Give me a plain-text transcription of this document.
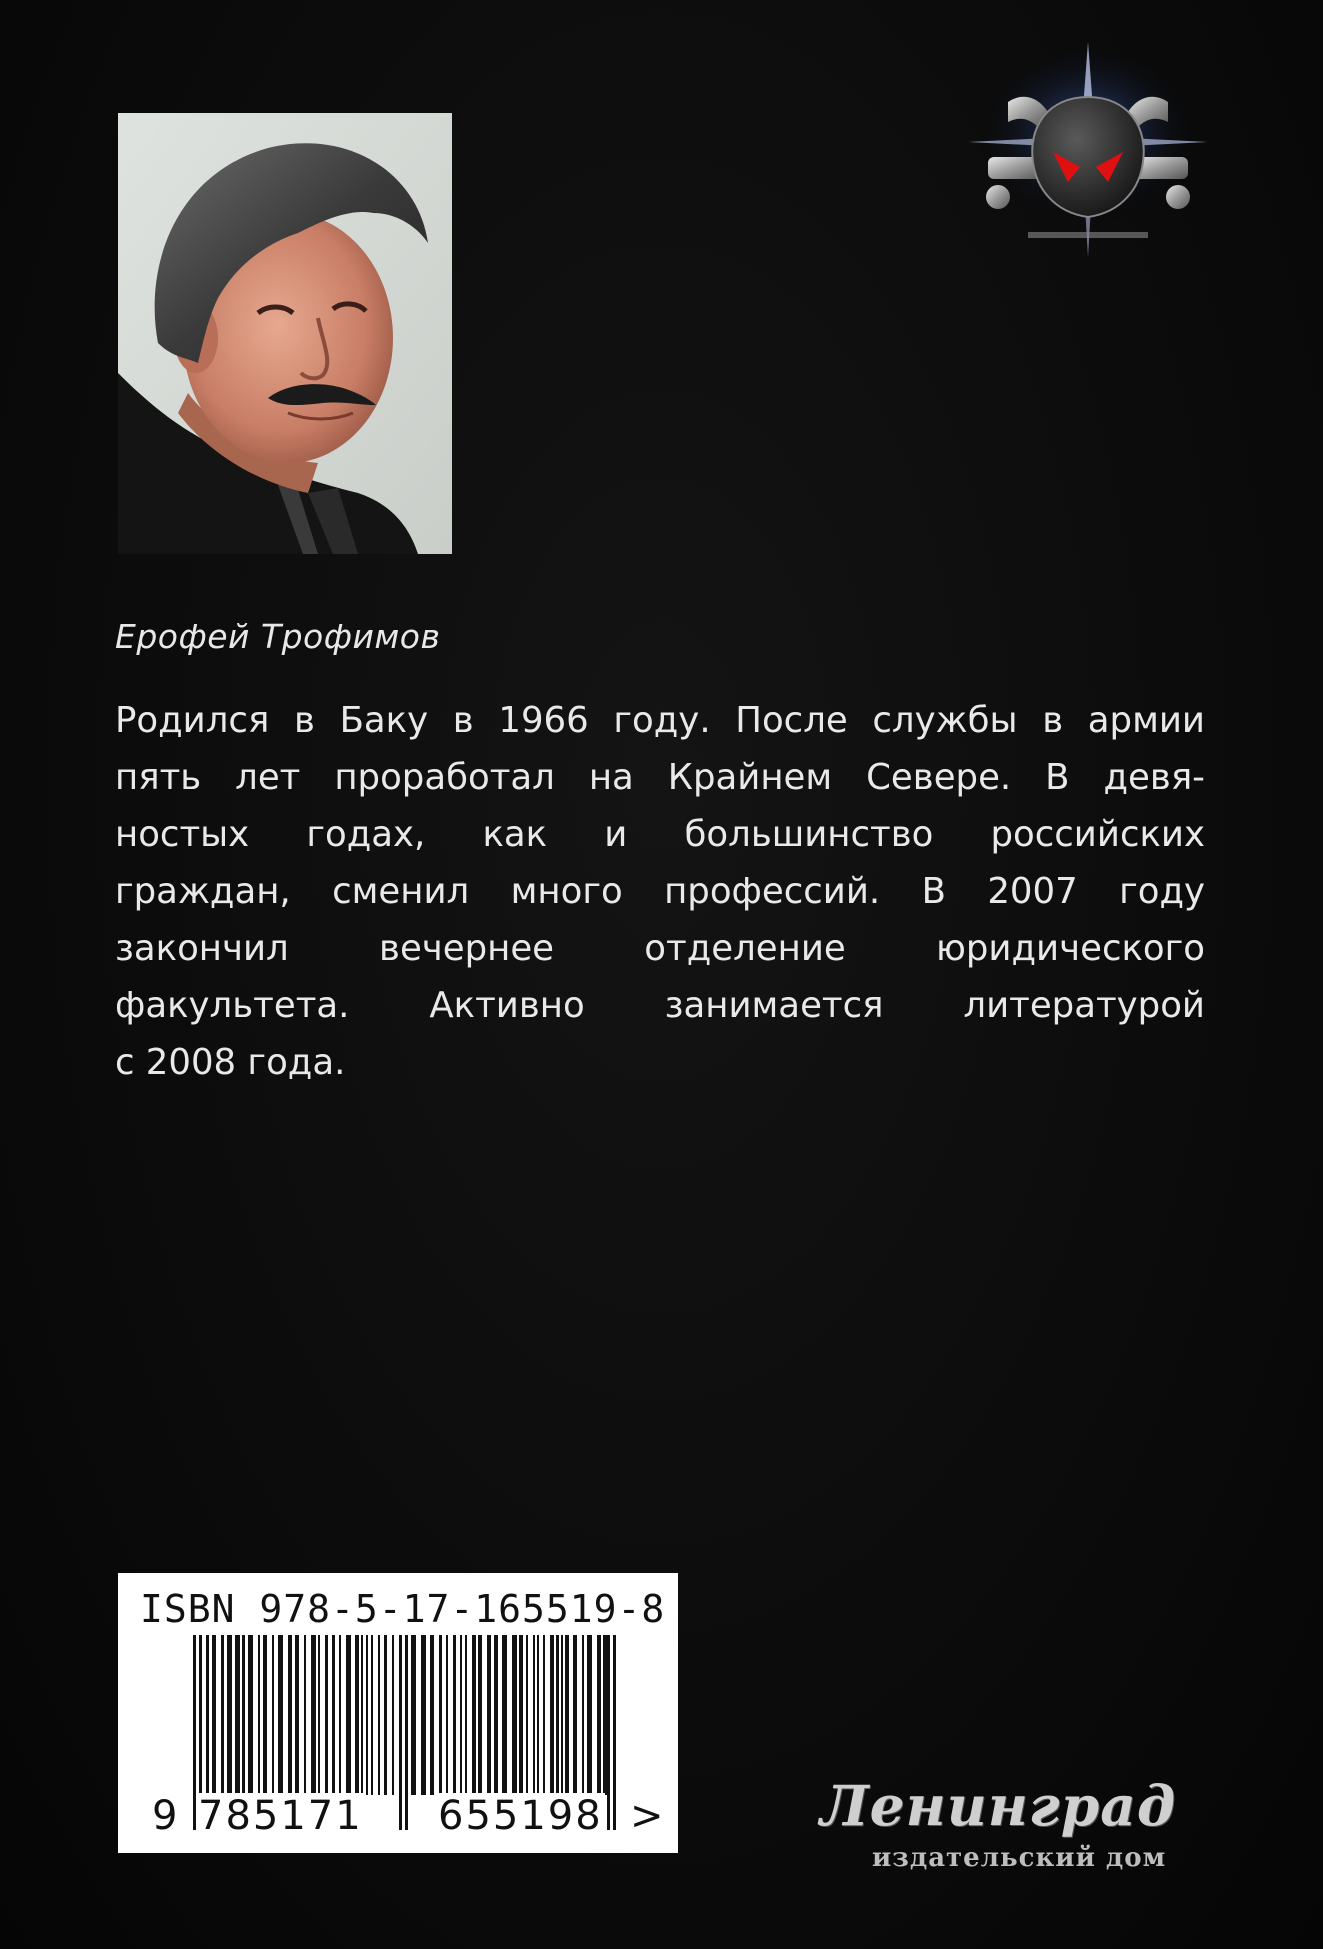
Ерофей Трофимов
Родился в Баку в 1966 году. После службы в армии
пять лет проработал на Крайнем Севере. В девя-
ностых годах, как и большинство российских
граждан, сменил много профессий. В 2007 году
закончил вечернее отделение юридического
факультета. Активно занимается литературой
с 2008 года.
ISBN 978-5-17-165519-8
9 785171 655198 >	Ленинград
издательский дом
